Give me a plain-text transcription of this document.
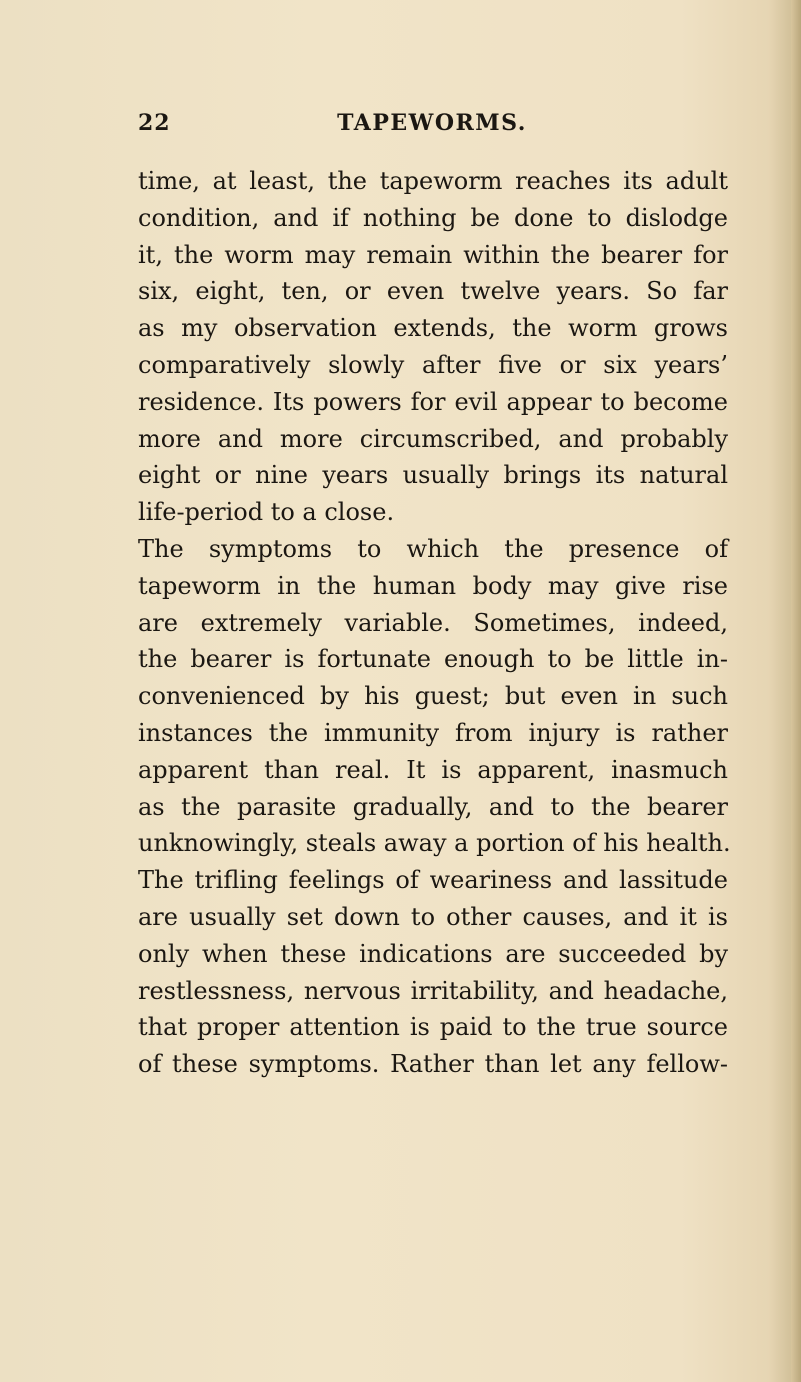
22	TAPEWORMS.
time, at least, the tapeworm reaches its adult
condition, and if nothing be done to dislodge
it, the worm may remain within the bearer for
six, eight, ten, or even twelve years. So far
as my observation extends, the worm grows
comparatively slowly after five or six years’
residence. Its powers for evil appear to become
more and more circumscribed, and probably
eight or nine years usually brings its natural
life-period to a close.
The symptoms to which the presence of
tapeworm in the human body may give rise
are extremely variable. Sometimes, indeed,
the bearer is fortunate enough to be little in-
convenienced by his guest; but even in such
instances the immunity from injury is rather
apparent than real. It is apparent, inasmuch
as the parasite gradually, and to the bearer
unknowingly, steals away a portion of his health.
The trifling feelings of weariness and lassitude
are usually set down to other causes, and it is
only when these indications are succeeded by
restlessness, nervous irritability, and headache,
that proper attention is paid to the true source
of these symptoms. Rather than let any fellow-
